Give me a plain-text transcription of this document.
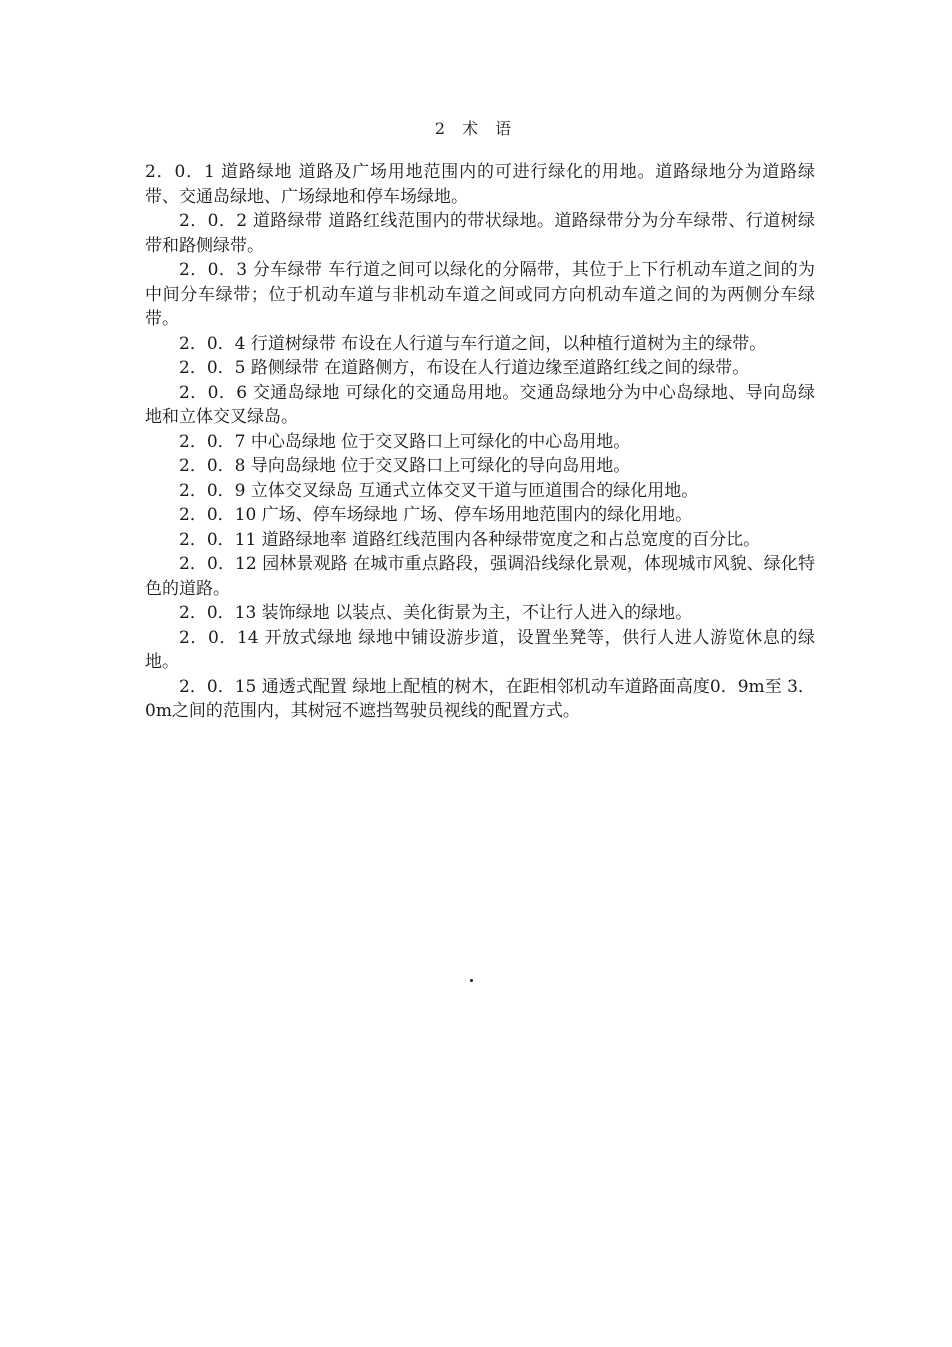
2 术 语

2．0．1 道路绿地 道路及广场用地范围内的可进行绿化的用地。道路绿地分为道路绿带、交通岛绿地、广场绿地和停车场绿地。

2．0．2 道路绿带 道路红线范围内的带状绿地。道路绿带分为分车绿带、行道树绿带和路侧绿带。

2．0．3 分车绿带 车行道之间可以绿化的分隔带，其位于上下行机动车道之间的为中间分车绿带；位于机动车道与非机动车道之间或同方向机动车道之间的为两侧分车绿带。

2．0．4 行道树绿带 布设在人行道与车行道之间，以种植行道树为主的绿带。

2．0．5 路侧绿带 在道路侧方，布设在人行道边缘至道路红线之间的绿带。

2．0．6 交通岛绿地 可绿化的交通岛用地。交通岛绿地分为中心岛绿地、导向岛绿地和立体交叉绿岛。

2．0．7 中心岛绿地 位于交叉路口上可绿化的中心岛用地。

2．0．8 导向岛绿地 位于交叉路口上可绿化的导向岛用地。

2．0．9 立体交叉绿岛 互通式立体交叉干道与匝道围合的绿化用地。

2．0．10 广场、停车场绿地 广场、停车场用地范围内的绿化用地。

2．0．11 道路绿地率 道路红线范围内各种绿带宽度之和占总宽度的百分比。

2．0．12 园林景观路 在城市重点路段，强调沿线绿化景观，体现城市风貌、绿化特色的道路。

2．0．13 装饰绿地 以装点、美化街景为主，不让行人进入的绿地。

2．0．14 开放式绿地 绿地中铺设游步道，设置坐凳等，供行人进人游览休息的绿地。

2．0．15 通透式配置 绿地上配植的树木，在距相邻机动车道路面高度0．9m至 3．0m之间的范围内，其树冠不遮挡驾驶员视线的配置方式。
